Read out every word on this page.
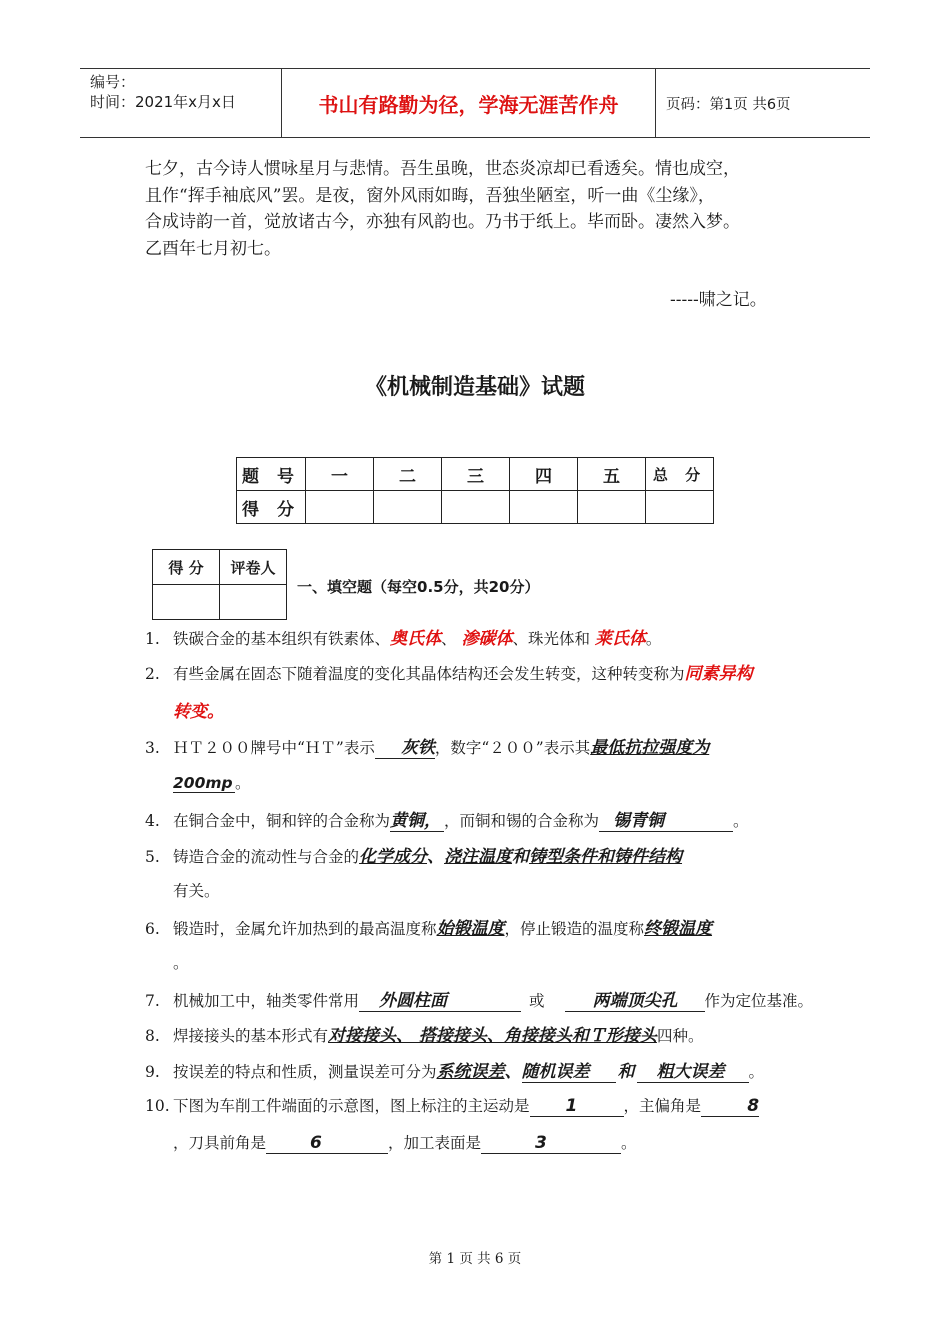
编号：
时间：2021年x月x日	书山有路勤为径，学海无涯苦作舟	页码：第1页 共6页
七夕，古今诗人惯咏星月与悲情。吾生虽晚，世态炎凉却已看透矣。情也成空，
且作“挥手袖底风”罢。是夜，窗外风雨如晦，吾独坐陋室，听一曲《尘缘》，
合成诗韵一首，觉放诸古今，亦独有风韵也。乃书于纸上。毕而卧。凄然入梦。
乙酉年七月初七。
-----啸之记。
《机械制造基础》试题
题 号	一	二	三	四	五	总 分
得 分						
得 分	评卷人

一、填空题（每空0.5分，共20分）
1. 铁碳合金的基本组织有铁素体、奥氏体、 渗碳体、珠光体和 莱氏体。
2. 有些金属在固态下随着温度的变化其晶体结构还会发生转变，这种转变称为同素异构
转变。
3. ＨＴ２００牌号中“ＨＴ”表示 灰铁，数字“２００”表示其最低抗拉强度为
200mp 。
4. 在铜合金中，铜和锌的合金称为黄铜， ，而铜和锡的合金称为 锡青铜	。
5. 铸造合金的流动性与合金的化学成分、浇注温度和铸型条件和铸件结构
有关。
6. 锻造时，金属允许加热到的最高温度称始锻温度，停止锻造的温度称终锻温度
。
7. 机械加工中，轴类零件常用 外圆柱面	或	两端顶尖孔 作为定位基准。
8. 焊接接头的基本形式有对接接头、 搭接接头、角接接头和Ｔ形接头四种。
9. 按误差的特点和性质，测量误差可分为系统误差、随机误差 和 粗大误差 。
10. 下图为车削工件端面的示意图，图上标注的主运动是 1	，主偏角是	8
，刀具前角是	6	，加工表面是	3	。
第 1 页 共 6 页
